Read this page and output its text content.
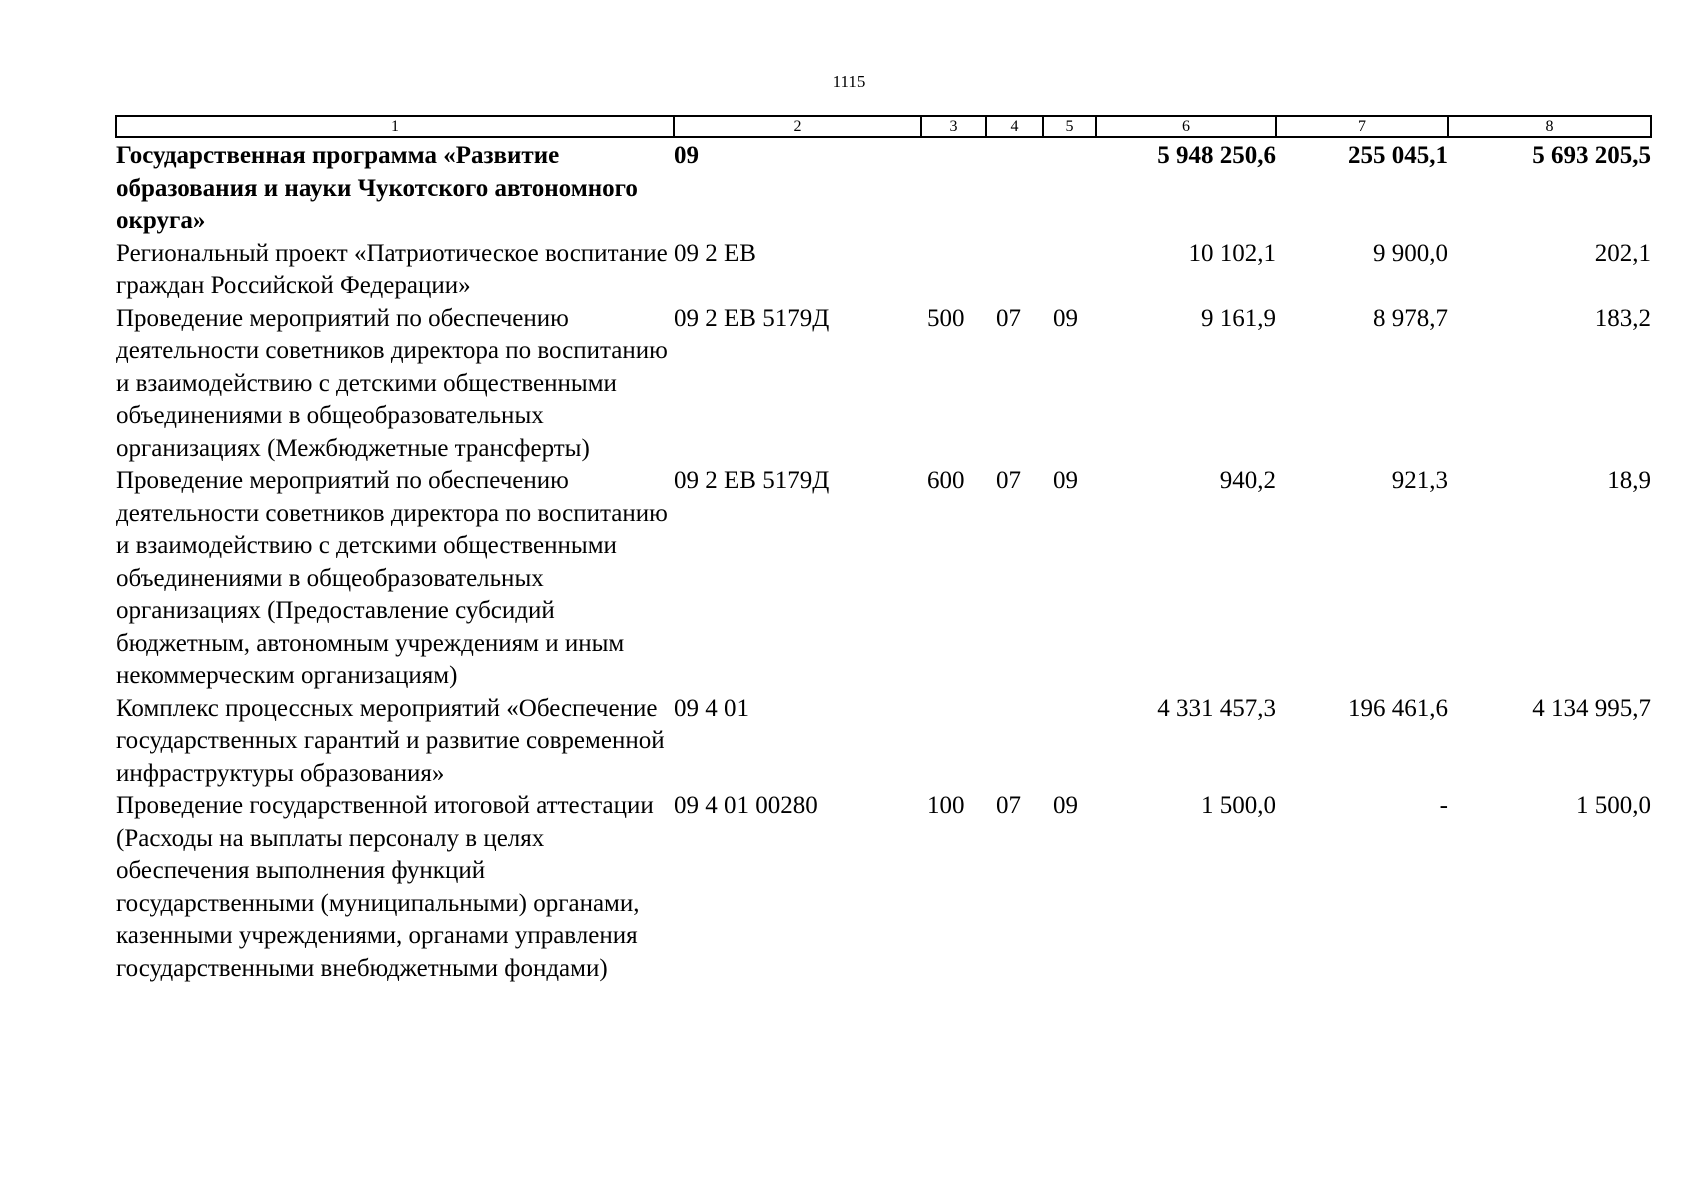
1115
1	2	3	4	5	6	7	8
Государственная программа «Развитие образования и науки Чукотского автономного округа»	09				5 948 250,6	255 045,1	5 693 205,5
Региональный проект «Патриотическое воспитание граждан Российской Федерации»	09 2 ЕВ				10 102,1	9 900,0	202,1
Проведение мероприятий по обеспечению деятельности советников директора по воспитанию и взаимодействию с детскими общественными объединениями в общеобразовательных организациях (Межбюджетные трансферты)	09 2 ЕВ 5179Д	500	07	09	9 161,9	8 978,7	183,2
Проведение мероприятий по обеспечению деятельности советников директора по воспитанию и взаимодействию с детскими общественными объединениями в общеобразовательных организациях (Предоставление субсидий бюджетным, автономным учреждениям и иным некоммерческим организациям)	09 2 ЕВ 5179Д	600	07	09	940,2	921,3	18,9
Комплекс процессных мероприятий «Обеспечение государственных гарантий и развитие современной инфраструктуры образования»	09 4 01				4 331 457,3	196 461,6	4 134 995,7
Проведение государственной итоговой аттестации (Расходы на выплаты персоналу в целях обеспечения выполнения функций государственными (муниципальными) органами, казенными учреждениями, органами управления государственными внебюджетными фондами)	09 4 01 00280	100	07	09	1 500,0	-	1 500,0
